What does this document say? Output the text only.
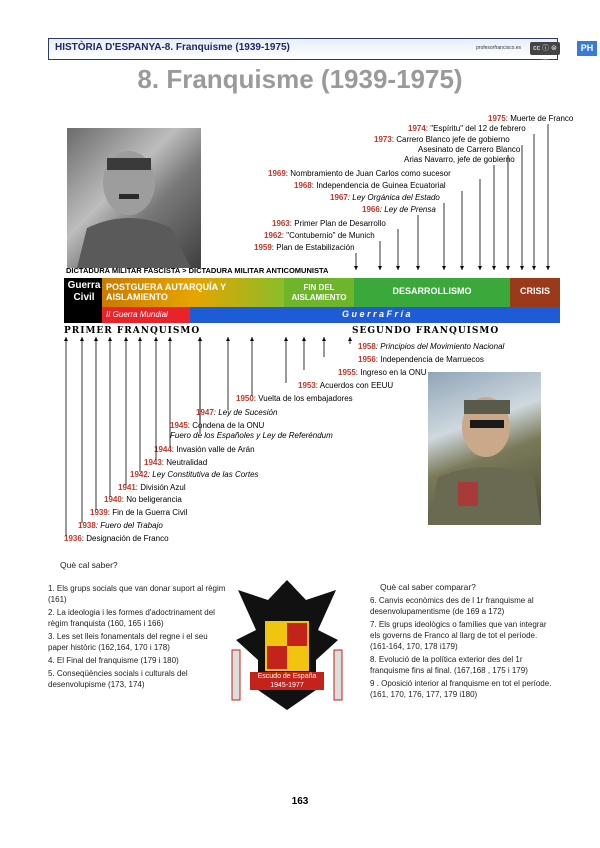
HISTÒRIA D'ESPANYA-8. Franquisme (1939-1975)	profesorfrancisco.es	cc ⓘ ⊜ ⓪
PH
8. Franquisme (1939-1975)
1975: Muerte de Franco
1974: "Espíritu" del 12 de febrero
1973: Carrero Blanco jefe de gobierno
Asesinato de Carrero Blanco
Arias Navarro, jefe de gobierno
1969: Nombramiento de Juan Carlos como sucesor
1968: Independencia de Guinea Ecuatorial
1967: Ley Orgánica del Estado
1966: Ley de Prensa
1963: Primer Plan de Desarrollo
1962: "Contubernio" de Munich
1959: Plan de Estabilización
DICTADURA MILITAR FASCISTA > DICTADURA MILITAR ANTICOMUNISTA
Guerra Civil
POSTGUERA AUTARQUÍA Y AISLAMIENTO
FIN DEL AISLAMIENTO
DESARROLLISMO	CRISIS
G u e r r a F r í a
II Guerra Mundial
PRIMER FRANQUISMO	SEGUNDO FRANQUISMO
1958: Principios del Movimiento Nacional
1956: Independencia de Marruecos
1955: Ingreso en la ONU
1953: Acuerdos con EEUU
1950: Vuelta de los embajadores
1947: Ley de Sucesión
1945: Condena de la ONU
Fuero de los Españoles y Ley de Referéndum
1944: Invasión valle de Arán
1943: Neutralidad
1942: Ley Constitutiva de las Cortes
1941: División Azul
1940: No beligerancia
1939: Fin de la Guerra Civil
1938: Fuero del Trabajo
1936: Designación de Franco
Què cal saber?
1. Els grups socials que van donar suport al règim (161)
2. La ideologia i les formes d'adoctrinament del règim franquista (160, 165 i 166)
3. Les set lleis fonamentals del regne i el seu paper històric (162,164, 170 i 178)
4. El Final del franquisme (179 i 180)
5. Conseqüències socials i culturals del desenvolupisme (173, 174)
Què cal saber comparar?
6. Canvis econòmics des de l 1r franquisme al desenvolupamentisme (de 169 a 172)
7. Els grups ideològics o famílies que van integrar els governs de Franco al llarg de tot el període. (161-164, 170, 178 i179)
8. Evolució de la política exterior des del 1r franquisme fins al final. (167,168 , 175 i 179)
9 . Oposició interior al franquisme en tot el període. (161, 170, 176, 177, 179 i180)
Escudo de España
1945-1977
163
